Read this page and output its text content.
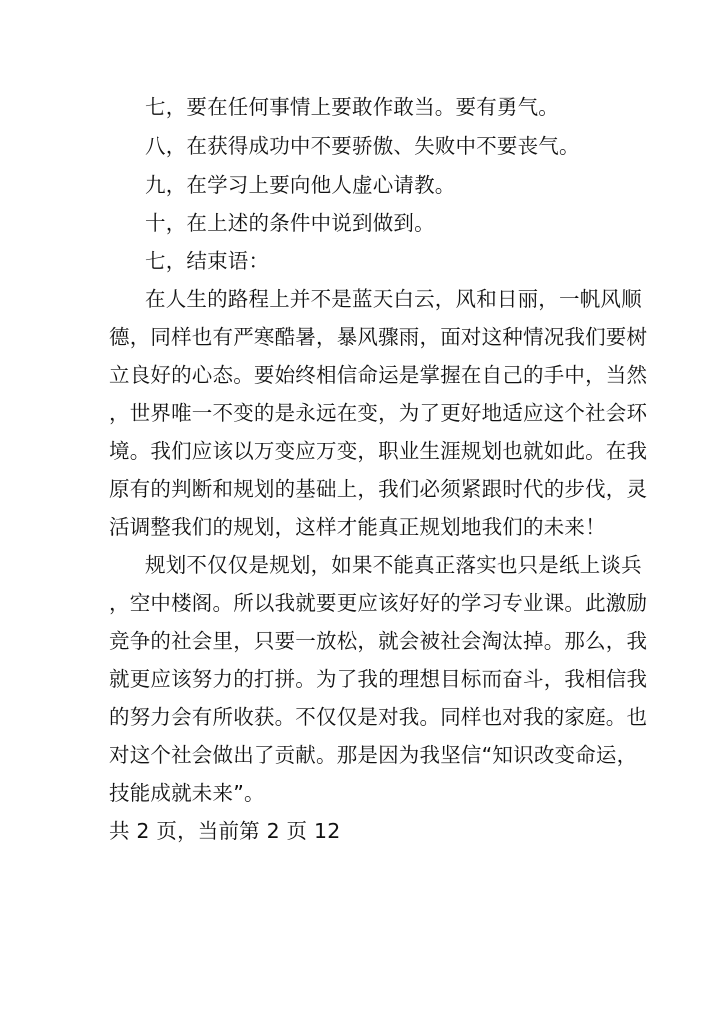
七，要在任何事情上要敢作敢当。要有勇气。
八，在获得成功中不要骄傲、失败中不要丧气。
九，在学习上要向他人虚心请教。
十，在上述的条件中说到做到。
七，结束语：
在人生的路程上并不是蓝天白云，风和日丽，一帆风顺
德，同样也有严寒酷暑，暴风骤雨，面对这种情况我们要树
立良好的心态。要始终相信命运是掌握在自己的手中，当然
，世界唯一不变的是永远在变，为了更好地适应这个社会环
境。我们应该以万变应万变，职业生涯规划也就如此。在我
原有的判断和规划的基础上，我们必须紧跟时代的步伐，灵
活调整我们的规划，这样才能真正规划地我们的未来！
规划不仅仅是规划，如果不能真正落实也只是纸上谈兵
，空中楼阁。所以我就要更应该好好的学习专业课。此激励
竞争的社会里，只要一放松，就会被社会淘汰掉。那么，我
就更应该努力的打拼。为了我的理想目标而奋斗，我相信我
的努力会有所收获。不仅仅是对我。同样也对我的家庭。也
对这个社会做出了贡献。那是因为我坚信“知识改变命运，
技能成就未来”。
共 2 页，当前第 2 页 12
